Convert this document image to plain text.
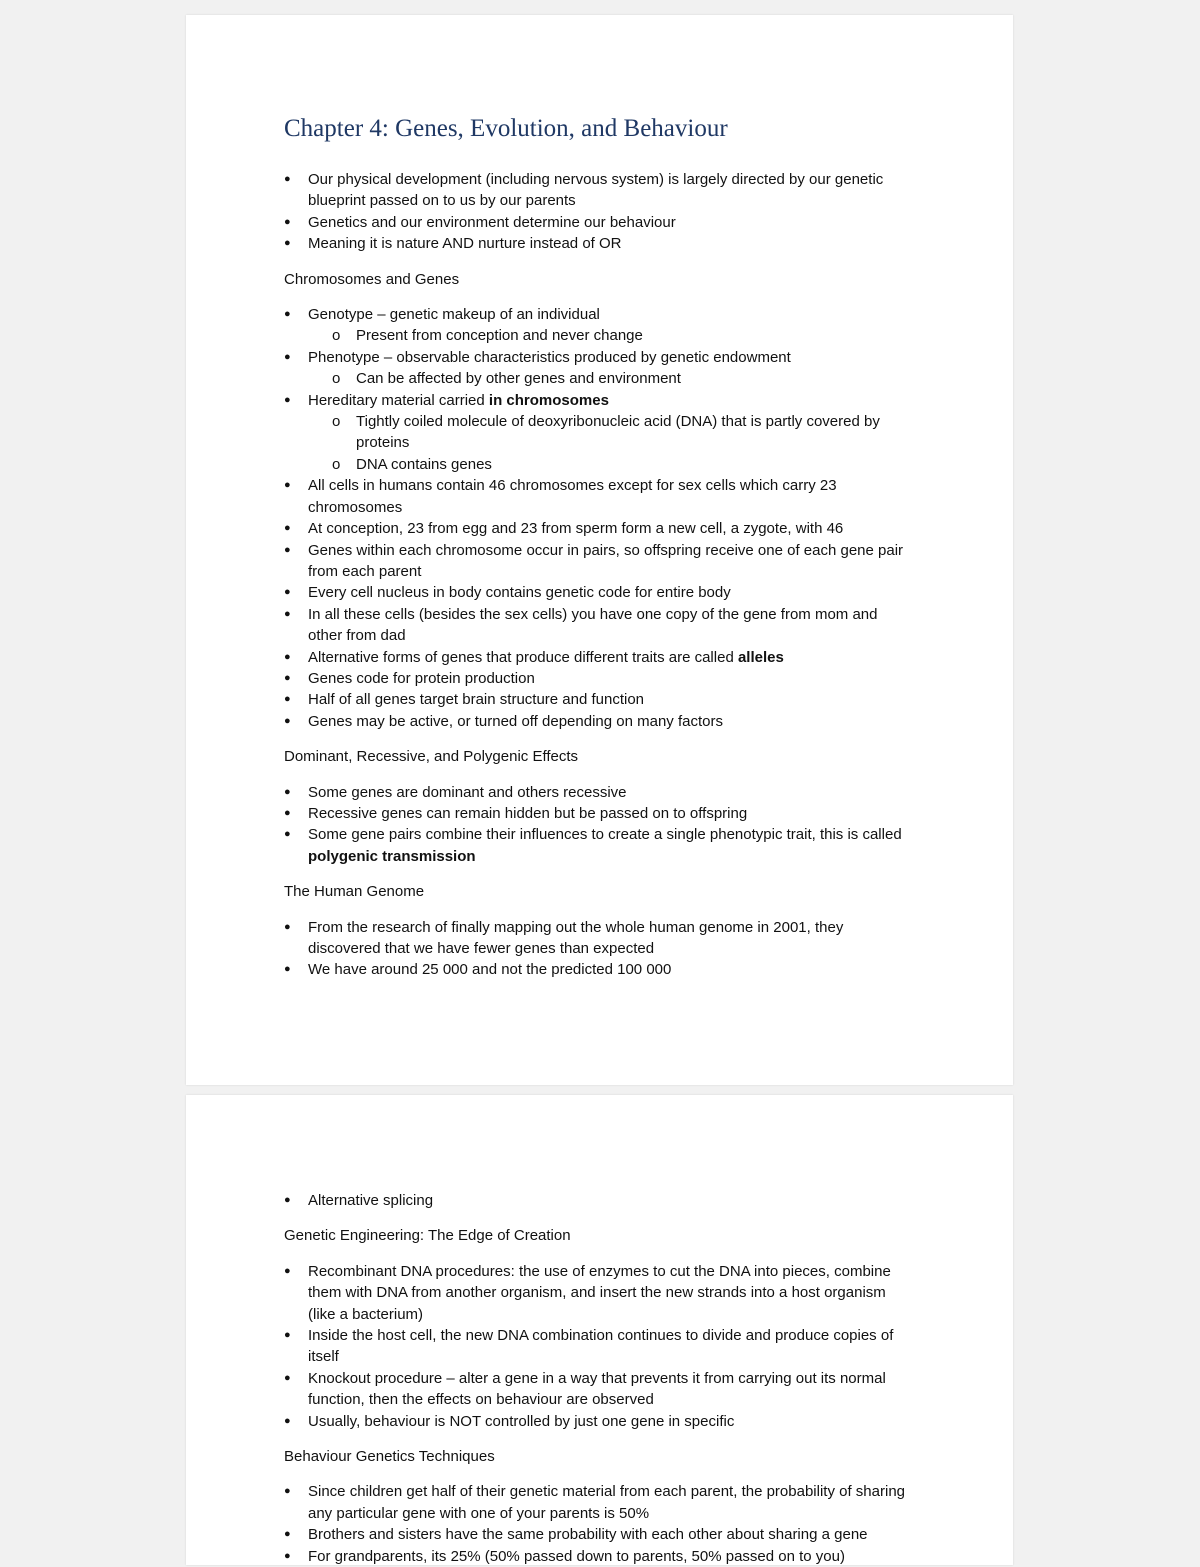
Chapter 4: Genes, Evolution, and Behaviour
● Our physical development (including nervous system) is largely directed by our genetic blueprint passed on to us by our parents
● Genetics and our environment determine our behaviour
● Meaning it is nature AND nurture instead of OR
Chromosomes and Genes
● Genotype – genetic makeup of an individual
o Present from conception and never change
● Phenotype – observable characteristics produced by genetic endowment
o Can be affected by other genes and environment
● Hereditary material carried in chromosomes
o Tightly coiled molecule of deoxyribonucleic acid (DNA) that is partly covered by proteins
o DNA contains genes
● All cells in humans contain 46 chromosomes except for sex cells which carry 23 chromosomes
● At conception, 23 from egg and 23 from sperm form a new cell, a zygote, with 46
● Genes within each chromosome occur in pairs, so offspring receive one of each gene pair from each parent
● Every cell nucleus in body contains genetic code for entire body
● In all these cells (besides the sex cells) you have one copy of the gene from mom and other from dad
● Alternative forms of genes that produce different traits are called alleles
● Genes code for protein production
● Half of all genes target brain structure and function
● Genes may be active, or turned off depending on many factors
Dominant, Recessive, and Polygenic Effects
● Some genes are dominant and others recessive
● Recessive genes can remain hidden but be passed on to offspring
● Some gene pairs combine their influences to create a single phenotypic trait, this is called polygenic transmission
The Human Genome
● From the research of finally mapping out the whole human genome in 2001, they discovered that we have fewer genes than expected
● We have around 25 000 and not the predicted 100 000
● Alternative splicing
Genetic Engineering: The Edge of Creation
● Recombinant DNA procedures: the use of enzymes to cut the DNA into pieces, combine them with DNA from another organism, and insert the new strands into a host organism (like a bacterium)
● Inside the host cell, the new DNA combination continues to divide and produce copies of itself
● Knockout procedure – alter a gene in a way that prevents it from carrying out its normal function, then the effects on behaviour are observed
● Usually, behaviour is NOT controlled by just one gene in specific
Behaviour Genetics Techniques
● Since children get half of their genetic material from each parent, the probability of sharing any particular gene with one of your parents is 50%
● Brothers and sisters have the same probability with each other about sharing a gene
● For grandparents, its 25% (50% passed down to parents, 50% passed on to you)
